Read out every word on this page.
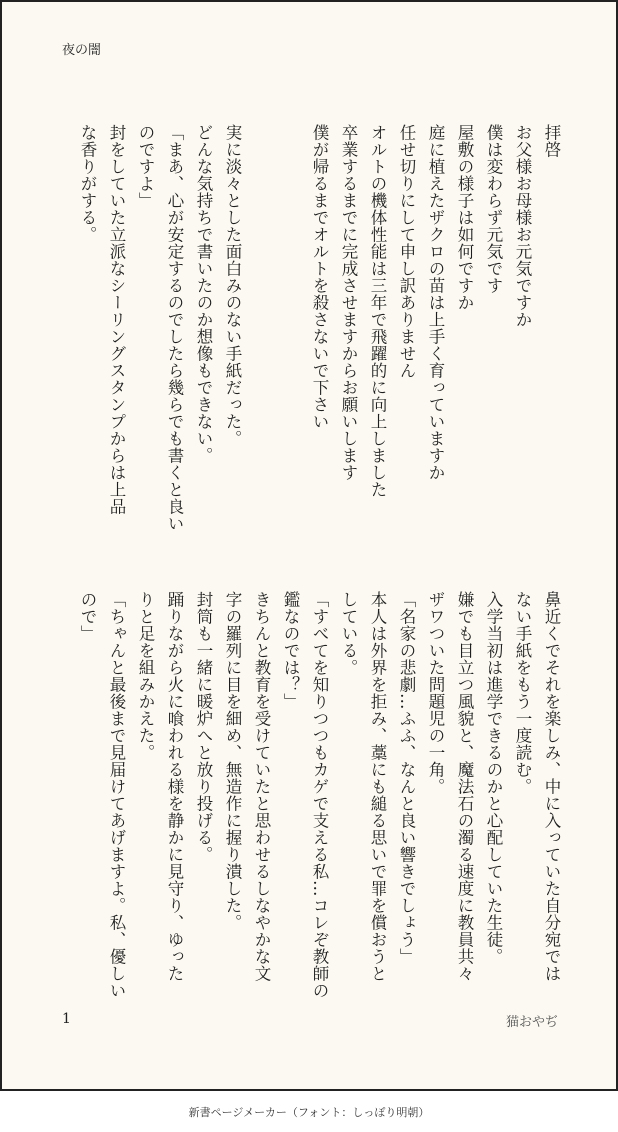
夜の闇
拝啓
お父様お母様お元気ですか
僕は変わらず元気です
屋敷の様子は如何ですか
庭に植えたザクロの苗は上手く育っていますか
任せ切りにして申し訳ありません
オルトの機体性能は三年で飛躍的に向上しました
卒業するまでに完成させますからお願いします
僕が帰るまでオルトを殺さないで下さい

実に淡々とした面白みのない手紙だった。
どんな気持ちで書いたのか想像もできない。
「まあ、心が安定するのでしたら幾らでも書くと良い
のですよ」
封をしていた立派なシーリングスタンプからは上品
な香りがする。
鼻近くでそれを楽しみ、中に入っていた自分宛では
ない手紙をもう一度読む。
入学当初は進学できるのかと心配していた生徒。
嫌でも目立つ風貌と、魔法石の濁る速度に教員共々
ザワついた問題児の一角。
「名家の悲劇…ふふ、なんと良い響きでしょう」
本人は外界を拒み、藁にも縋る思いで罪を償おうと
している。
「すべてを知りつつもカゲで支える私…コレぞ教師の
鑑なのでは？」
きちんと教育を受けていたと思わせるしなやかな文
字の羅列に目を細め、無造作に握り潰した。
封筒も一緒に暖炉へと放り投げる。
踊りながら火に喰われる様を静かに見守り、ゆった
りと足を組みかえた。
「ちゃんと最後まで見届けてあげますよ。私、優しい
ので」
1	猫おやぢ
新書ページメーカー（フォント：しっぽり明朝）
